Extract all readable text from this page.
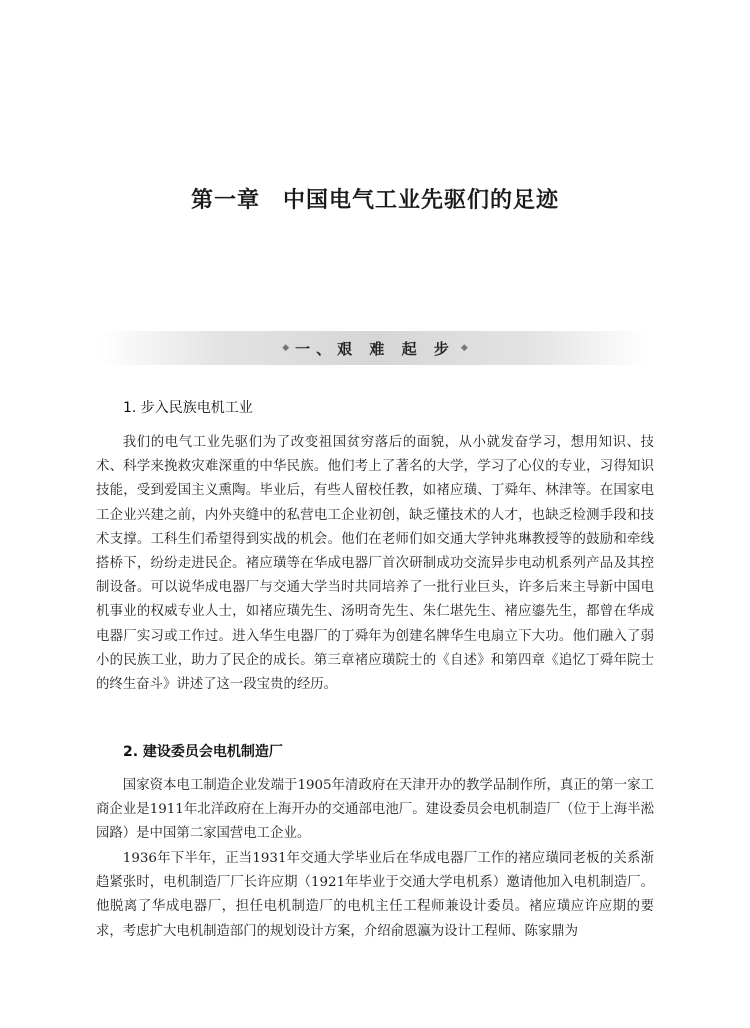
第一章　中国电气工业先驱们的足迹
◆ 一、艰 难 起 步 ◆
1. 步入民族电机工业

我们的电气工业先驱们为了改变祖国贫穷落后的面貌，从小就发奋学习，想用知识、技术、科学来挽救灾难深重的中华民族。他们考上了著名的大学，学习了心仪的专业，习得知识技能，受到爱国主义熏陶。毕业后，有些人留校任教，如褚应璜、丁舜年、林津等。在国家电工企业兴建之前，内外夹缝中的私营电工企业初创，缺乏懂技术的人才，也缺乏检测手段和技术支撑。工科生们希望得到实战的机会。他们在老师们如交通大学钟兆琳教授等的鼓励和牵线搭桥下，纷纷走进民企。褚应璜等在华成电器厂首次研制成功交流异步电动机系列产品及其控制设备。可以说华成电器厂与交通大学当时共同培养了一批行业巨头，许多后来主导新中国电机事业的权威专业人士，如褚应璜先生、汤明奇先生、朱仁堪先生、褚应鎏先生，都曾在华成电器厂实习或工作过。进入华生电器厂的丁舜年为创建名牌华生电扇立下大功。他们融入了弱小的民族工业，助力了民企的成长。第三章褚应璜院士的《自述》和第四章《追忆丁舜年院士的终生奋斗》讲述了这一段宝贵的经历。

2. 建设委员会电机制造厂

国家资本电工制造企业发端于1905年清政府在天津开办的教学品制作所，真正的第一家工商企业是1911年北洋政府在上海开办的交通部电池厂。建设委员会电机制造厂（位于上海半淞园路）是中国第二家国营电工企业。

1936年下半年，正当1931年交通大学毕业后在华成电器厂工作的褚应璜同老板的关系渐趋紧张时，电机制造厂厂长许应期（1921年毕业于交通大学电机系）邀请他加入电机制造厂。他脱离了华成电器厂，担任电机制造厂的电机主任工程师兼设计委员。褚应璜应许应期的要求，考虑扩大电机制造部门的规划设计方案，介绍俞恩瀛为设计工程师、陈家鼎为
